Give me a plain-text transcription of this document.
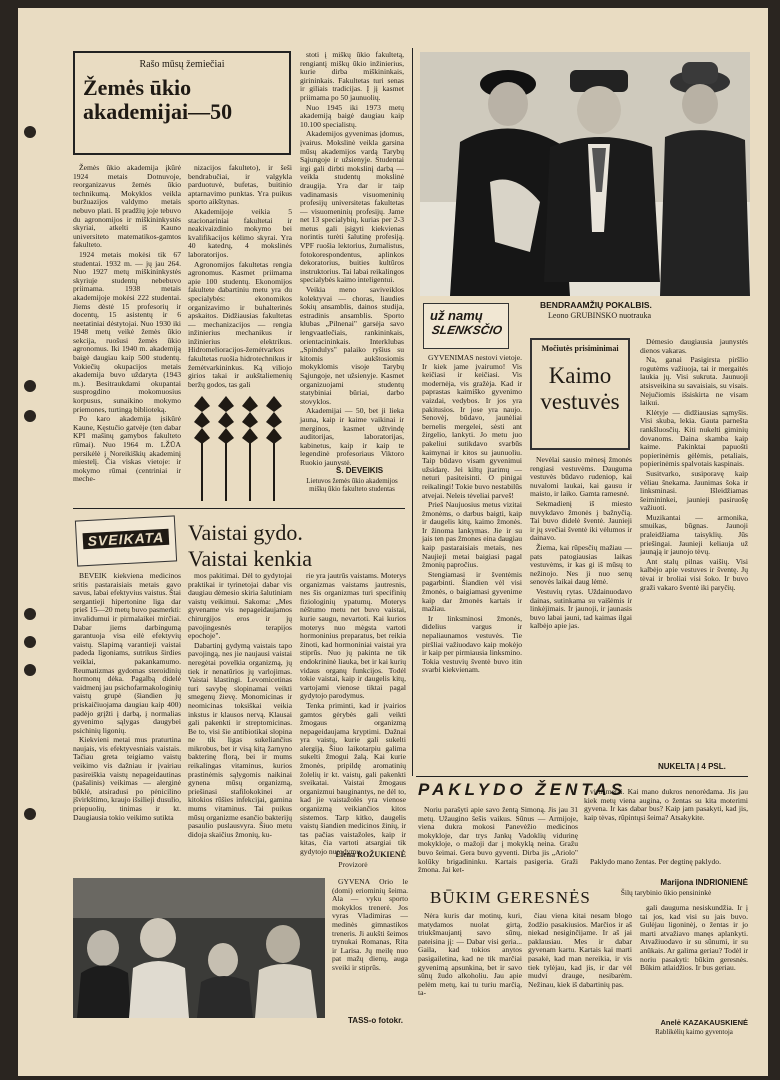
Rašo mūsų žemiečiai
Žemės ūkio
akademijai—50

Žemės ūkio akademija įkūrė 1924 metais Dotnuvoje, reorganizavus žemės ūkio technikumą. Mokyklos veikla buržuazijos valdymo metais nebuvo plati. Iš pradžių joje tebuvo du agronomijos ir miškininkystės skyriai, atkelti iš Kauno universiteto matematikos-gamtos fakulteto.

1924 metais mokėsi tik 67 studentai. 1932 m. — jų jau 264. Nuo 1927 metų miškininkystės skyriuje studentų nebebuvo priimama. 1938 metais akademijoje mokėsi 222 studentai. Jiems dėstė 15 profesorių ir docentų, 15 asistentų ir 6 neetatiniai dėstytojai. Nuo 1930 iki 1948 metų veikė žemės ūkio sekcija, ruošusi žemės ūkio agronomus. Iki 1940 m. akademiją baigė daugiau kaip 500 studentų. Vokiečių okupacijos metais akademija buvo uždaryta (1943 m.). Besitraukdami okupantai susprogdino mokomuosius korpusus, sunaikino mokymo priemones, turtingą biblioteką.

Po karo akademija įsikūrė Kaune, Kęstučio gatvėje (ten dabar KPI mašinų gamybos fakulteto rūmai). Nuo 1964 m. LŽŪA persikėlė į Noreikiškių akademinį miestelį. Čia viskas vietoje: ir mokymo rūmai (centriniai ir meche-

nizacijos fakulteto), ir šeši bendrabučiai, ir valgykla parduotuvė, bufetas, buitinio aptarnavimo punktas. Yra puikus sporto aikštynas.

Akademijoje veikia 5 stacionariniai fakultetai ir neakivaizdinio mokymo bei kvalifikacijos kėlimo skyrai. Yra 40 katedrų, 4 mokslinės laboratorijos.

Agronomijos fakultetas rengia agronomus. Kasmet priimama apie 100 studentų. Ekonomijos fakultete dabartiniu metu yra du specialybės: ekonomikos organizavimo ir buhalterinės apskaitos. Didžiausias fakultetas — mechanizacijos — rengia inžinierius mechanikus ir inžinierius elektrikus. Hidromelioracijos-žemėtvarkos fakultetas ruošia hidrotechnikus ir žemėtvarkininkus. Ką viliojo girios takai ir aukštaliemenių beržų godos, tas gali

stoti į miškų ūkio fakultetą, rengiantį miškų ūkio inžinierius, kurie dirba miškininkais, girininkais. Fakultetas turi senas ir giliais tradicijas. Į jį kasmet priimama po 50 jaunuolių.

Nuo 1945 iki 1973 metų akademiją baigė daugiau kaip 10.100 specialistų.

Akademijos gyvenimas įdomus, įvairus. Mokslinė veikla garsina mūsų akademijos vardą Tarybų Sąjungoje ir užsienyje. Studentai irgi gali dirbti mokslinį darbą — veikla studentų mokslinė draugija. Yra dar ir taip vadinamasis visuomeninių profesijų universitetas fakultetas — visuomeninių profesijų. Jame net 13 specialybių, kurias per 2-3 metus gali įsigyti kiekvienas norintis turėti šalutinę profesiją. VPF ruošia lektorius, žurnalistus, fotokorespondentus, aplinkos dekoratorius, buities kultūros instruktorius. Tai labai reikalingos specialybės kaimo inteligentui.

Veikia meno saviveiklos kolektyvai — choras, liaudies šokių ansamblis, dainos studija, estradinis ansamblis. Sporto klubas „Pilnenai" garsėja savo lengvaatlečiais, rankininkais, orientacininkais. Interklubas „Spindulys" palaiko ryšius su kitomis aukštosiomis mokyklomis visoje Tarybų Sąjungoje, net užsienyje. Kasmet organizuojami studentų statybiniai būriai, darbo stovyklos.

Akademijai — 50, bet ji lieka jauna, kaip ir kaime vaikinai ir merginos, kasmet užtvindę auditorijas, laboratorijas, kabinetus, kaip ir kaip te legendinė profesoriaus Viktoro Ruokio jaunystė.

S. DEVEIKIS
Lietuvos žemės ūkio akademijos miškų ūkio fakulteto studentas
BENDRAAMŽIŲ POKALBIS.
Leono GRUBINSKO nuotrauka
už namų
SLENKSČIO

GYVENIMAS nestovi vietoje. Ir kiek jame įvairumo! Vis keičiasi ir keičiasi. Vis modernėja, vis gražėja. Kad ir paprastas kaimiško gyvenimo vaizdai, vedybos. Ir jos yra pakitusios. Ir jose yra naujo. Senovėj, būdavo, jaunėliai bernelis mergelei, sėsti ant žirgelio, lankyti. Jo metu juo pakeliui sutikdavo svarbūs kaimynai ir kitos su jaunuoliu. Taip būdavo visam gyvenimui užsidarę. Jei kiltų įtarimų — neturi pasiteisinti. O pinigai reikalingi! Tokie buvo nestabilūs atvejai. Neleis tėveliai parveš!

Prieš Naujuosius metus vizitai žmonėms, o darbus baigti, kaip ir daugelis kitų, kaimo žmonės. Ir žinoma lankymas. Jie ir su jais ten pas žmones eina daugiau kaip pastaraisiais metais, nes Naujieji metai baigiasi pagal žmonių papročius.

Stengiamasi ir šventėmis pagarbinti. Šiandien vėl visi žmonės, o baigiamasi gyvenime kaip dar žmonės kartais ir mažiau.

Ir linksminosi žmonės, didelius vargus ir nepaliaunamos vestuvės. Tie piršliai važiuodavo kaip mokėjo ir kaip per pirmiausia linksmino. Tokia vestuvių šventė buvo itin svarbi kiekvienam.

Močiutės prisiminimai
Kaimo
vestuvės

Nevėlai sausio mėnesį žmonės rengiasi vestuvėms. Dauguma vestuvės būdavo rudeniop, kai nuvalomi laukai, kai gausu ir maisto, ir laiko. Gamta ramesnė.

Sekmadienį iš miesto nuvykdavo žmonės į bažnyčią. Tai buvo didelė šventė. Jaunieji ir jų svečiai šventė iki vėlumos ir dainavo.

Žiema, kai rūpesčių mažiau — pats patogiausias laikas vestuvėms, ir kas gi iš mūsų to nežinojo. Nes ji nuo senų senovės laikai daug lėmė.

Vestuvių rytas. Uždainuodavo dainas, sutinkama su vaišėmis ir linkėjimais. Ir jaunoji, ir jaunasis buvo labai jauni, tad kaimas ilgai kalbėjo apie jas.

Dėmesio daugiausia jaunystės dienos vakaras.

Na, ganai Pasigirsta piršlio rogutėms važiuoja, tai ir mergaitės laukia jų. Visi sukruta. Jaunuoji atsisveikina su savaisiais, su visais. Nejučiomis išsiskirta ne visam laikui.

Klėtyje — didžiausias sąmyšis. Visi skuba, lekia. Gauta parnešta rankšluosčių. Kiti nukelti giminių dovanoms. Daina skamba kaip kaime. Pakinktai papuošti popierinėmis gėlėmis, petaliais, popierinėmis spalvotais kaspinais.

Susitvarko, susiporavę kaip vėliau šnekama. Jaunimas šoka ir linksminasi. Išleidžiamas šeimininkei, jaunieji pasiruošę važiuoti.

Muzikantai — armonika, smuikas, būgnas. Jaunoji praleidžiama taisyklių. Jūs priešingai. Jaunieji keliauja už jaunąją ir jaunojo tėvų.

Ant stalų pilnas vaišių. Visi kalbėjo apie vestuves ir šventę. Jų tėvai ir broliai visi šoko. Ir buvo graži vakaro šventė iki paryčių.

NUKELTA Į 4 PSL.
SVEIKATA Vaistai gydo.
Vaistai kenkia

BEVEIK kiekviena medicinos sritis pastaraisiais metais gavo savus, labai efektyvius vaistus. Štai sergantieji hipertonine liga dar prieš 15—20 metų buvo pasmerkti: invalidumui ir pirmalaikei mirčiai. Dabar jiems darbingumą garantuoja visa eilė efektyvių vaistų. Slapimą varantieji vaistai padeda ligoniams, sutrikus širdies veiklai, pakankamumo. Reumatizmas gydomas steroidinių hormonų dėka. Pagalbą didelė vaidmenį jau psichofarmakologinių vaistų grupė (šiandien jų priskaičiuojama daugiau kaip 400) padėjo grįžti į darbą, į normalias gyvenimo sąlygas daugybei psichinių ligonių.

Kiekvieni metai mus praturtina naujais, vis efektyvesniais vaistais. Tačiau greta teigiamo vaistų veikimo vis dažniau ir įvairiau pasireiškia vaistų nepageidautinas (pašalinis) veikimas — alerginė būklė, atsiradusi po pėnicilino įšvirkštimo, kraujo išsilieji dusulio, priepuolių, tinimas ir kt. Daugiausia tokio veikimo sutikta

mos pakitimai. Dėl to gydytojai praktikai ir tyrinetojai dabar vis daugiau dėmesio skiria šalutiniam vaistų veikimui. Sakoma: „Mes gyvename vis nepageidaujamos chirurgijos eros ir jų pavojingesnės terapijos epochoje".

Dabartinį gydymą vaistais tapo pavojingą, nes jie naujausi vaistai neregėtai povelkia organizmą, jų tiek ir nenatūrios jų varlojimas. Vaistai klastingi. Levomicetinas turi savybę slopinamai veikti smegenų žievę. Monomicinas ir neomicinas toksiškai veikia inkstus ir klausos nervą. Klausai gali pakenkti ir streptomicinas. Be to, visi šie antibiotikai slopina ne tik ligas sukeliančius mikrobus, bet ir visą kitą žarnyno bakterinę florą, bei ir mums reikalingas vitaminus, kurios prastinėmis sąlygomis naikinai gynena mūsų organizmą, priešinasi stafilokokinei ar kitokios rūšies infekcijai, gamina mums vitaminus. Tai puikus mūsų organizme esančio bakterijų pasaulio puslausvyra. Šiuo metu didoja skaičius žmonių, ku-

rie yra jautrūs vaistams. Moterys organizmas vaistams jautresnis, nes šis organizmas turi specifinių fiziologinių ypatumų. Moterys nėštumo metu net buvo vaistai, kurie saugu, nevartoti. Kai kurios moterys nuo mėgsta vartoti hormoninius preparatus, bet reikia žinoti, kad hormoniniai vaistai yra stiprūs. Nuo jų pakinta ne tik endokrininė liauka, bet ir kai kurių vidaus organų funkcijos. Todėl tokie vaistai, kaip ir daugelis kitų, vartojami vienose tiktai pagal gydytojo parodymus.

Tenka priminti, kad ir įvairios gamtos gėrybės gali veikti žmogaus organizmą nepageidaujama kryptimi. Dažnai yra vaistų, kurie gali sukelti alergiją. Šiuo laikotarpiu galima sukelti žmogui žalą. Kai kurie žmonės, pripildę aromatinių žolelių ir kt. vaistų, gali pakenkti sveikatai. Vaistai žmogaus organizmui bauginantys, ne dėl to, kad jie vaistažolės yra vienose organizmą veikiančios kitos sistemos. Tarp kitko, daugelis vaistų šiandien medicinos žinių, ir tas pačias vaistažoles, kaip ir kitas, čia vartoti atsargiai tik gydytojo nurodymu.

Elena ROŽUKIENĖ
Provizorė

GYVENA Orio le (domi) eriominių šeima. Ala — vyku sporto mokyklos trenerė. Jos vyras Vladimiras — medinės gimnastikos treneris. Ji aukšti šeimos trynukai Romanas, Rita ir Larisa. Jų meilę nuo pat mažų dienų, auga sveiki ir stiprūs.

TASS-o fotokr.
PAKLYDO ŽENTAS

Noriu parašyti apie savo žentą Simoną. Jis jau 31 metų. Užaugino šešis vaikus. Sūnus — Armijoje, viena dukra mokosi Panevėžio medicinos mokykloje, dar trys Jankų Vadoklių vidurinę mokykloje, o mažoji dar į mokyklą neina. Gražu buvo šeimai. Gera buvo gyventi. Dirba jis „Ariolo" kolūky brigadininku. Kartais pasigeria. Graži žmona. Jai ket-

virti metai. Kai mano dukros nenorėdama. Jis jau kiek metų viena augina, o žentas su kita moterimi gyvena. Ir kas dabar bus? Kaip jam pasakyti, kad jis, kaip tėvas, rūpintųsi šeima? Atsakykite.

Paklydo mano žentas. Per degtinę paklydo.

Marijona INDRIONIENĖ
Šilų tarybinio ūkio pensininkė
BŪKIM GERESNĖS

Nėra kuris dar motinų, kuri, matydamos nuolat girtą, triukšmaujantį savo sūnų, pateisina jį: — Dabar visi geria... Gaila, kad tokios anytos pasigailetina, kad ne tik marčiai gyvenimą apsunkina, bet ir savo sūnų žudo alkoholiu. Jau apie pelėm metų, kai tu turiu marčią, ta-

čiau viena kitai nesam blogo žodžio pasakiusios. Marčios ir aš niekad nesiginčijame. Ir aš jai paklausiau. Mes ir dabar gyvenam kartu. Kartais kai marti pasakė, kad man nereikia, ir vis tiek tylėjau, kad jis, ir dar vėl mudvi drauge, nesibarėm. Nežinau, kiek iš dabartinių pas.

gali dauguma nesiskundžia. Ir į tai jos, kad visi su jais buvo. Gulėjau ligoninėj, o žentas ir jo marti atvažiavo manęs aplankyti. Atvažiuodavo ir su sūnumi, ir su anūkais. Ar galima geriau? Todėl ir noriu pasakyti: būkim geresnės. Būkim atlaidžios. Ir bus geriau.

Anelė KAZAKAUSKIENĖ
Rablikėlių kaimo gyventoja
